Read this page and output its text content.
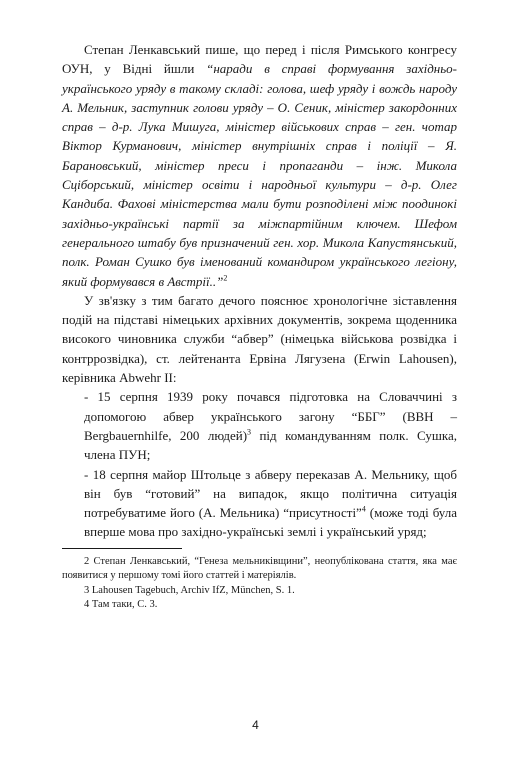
Степан Ленкавський пише, що перед і після Римського конгресу ОУН, у Відні йшли “наради в справі формування західньо-українського уряду в такому складі: голова, шеф уряду і вождь народу А. Мельник, заступник голови уряду – О. Сеник, міністер закордонних справ – д-р. Лука Мишуга, міністер військових справ – ген. чотар Віктор Курманович, міністер внутрішніх справ і поліції – Я. Барановський, міністер преси і пропаганди – інж. Микола Сціборський, міністер освіти і народньої культури – д-р. Олег Кандиба. Фахові міністерства мали бути розподілені між поодинокі західньо-українські партії за міжпартійним ключем. Шефом генерального штабу був призначений ген. хор. Микола Капустянський, полк. Роман Сушко був іменований командиром українського легіону, який формувався в Австрії..”$^2$

У зв'язку з тим багато дечого пояснює хронологічне зіставлення подій на підставі німецьких архівних документів, зокрема щоденника високого чиновника служби “абвер” (німецька військова розвідка і контррозвідка), ст. лейтенанта Ервіна Лягузена (Erwin Lahousen), керівника Abwehr II:

- 15 серпня 1939 року почався підготовка на Словаччині з допомогою абвер українського загону “ББГ” (ВВН – Bergbauernhilfe, 200 людей)$^3$ під командуванням полк. Сушка, члена ПУН;

- 18 серпня майор Штольце з абверу переказав А. Мельнику, щоб він був “готовий” на випадок, якщо політична ситуація потребуватиме його (А. Мельника) “присутності”$^4$ (може тоді була вперше мова про західно-українські землі і український уряд;

2 Степан Ленкавський, “Генеза мельниківщини”, неопублікована стаття, яка має появитися у першому томі його статтей і матеріялів.

3 Lahousen Tagebuch, Archiv IfZ, München, S. 1.

4 Там таки, С. 3.

4
